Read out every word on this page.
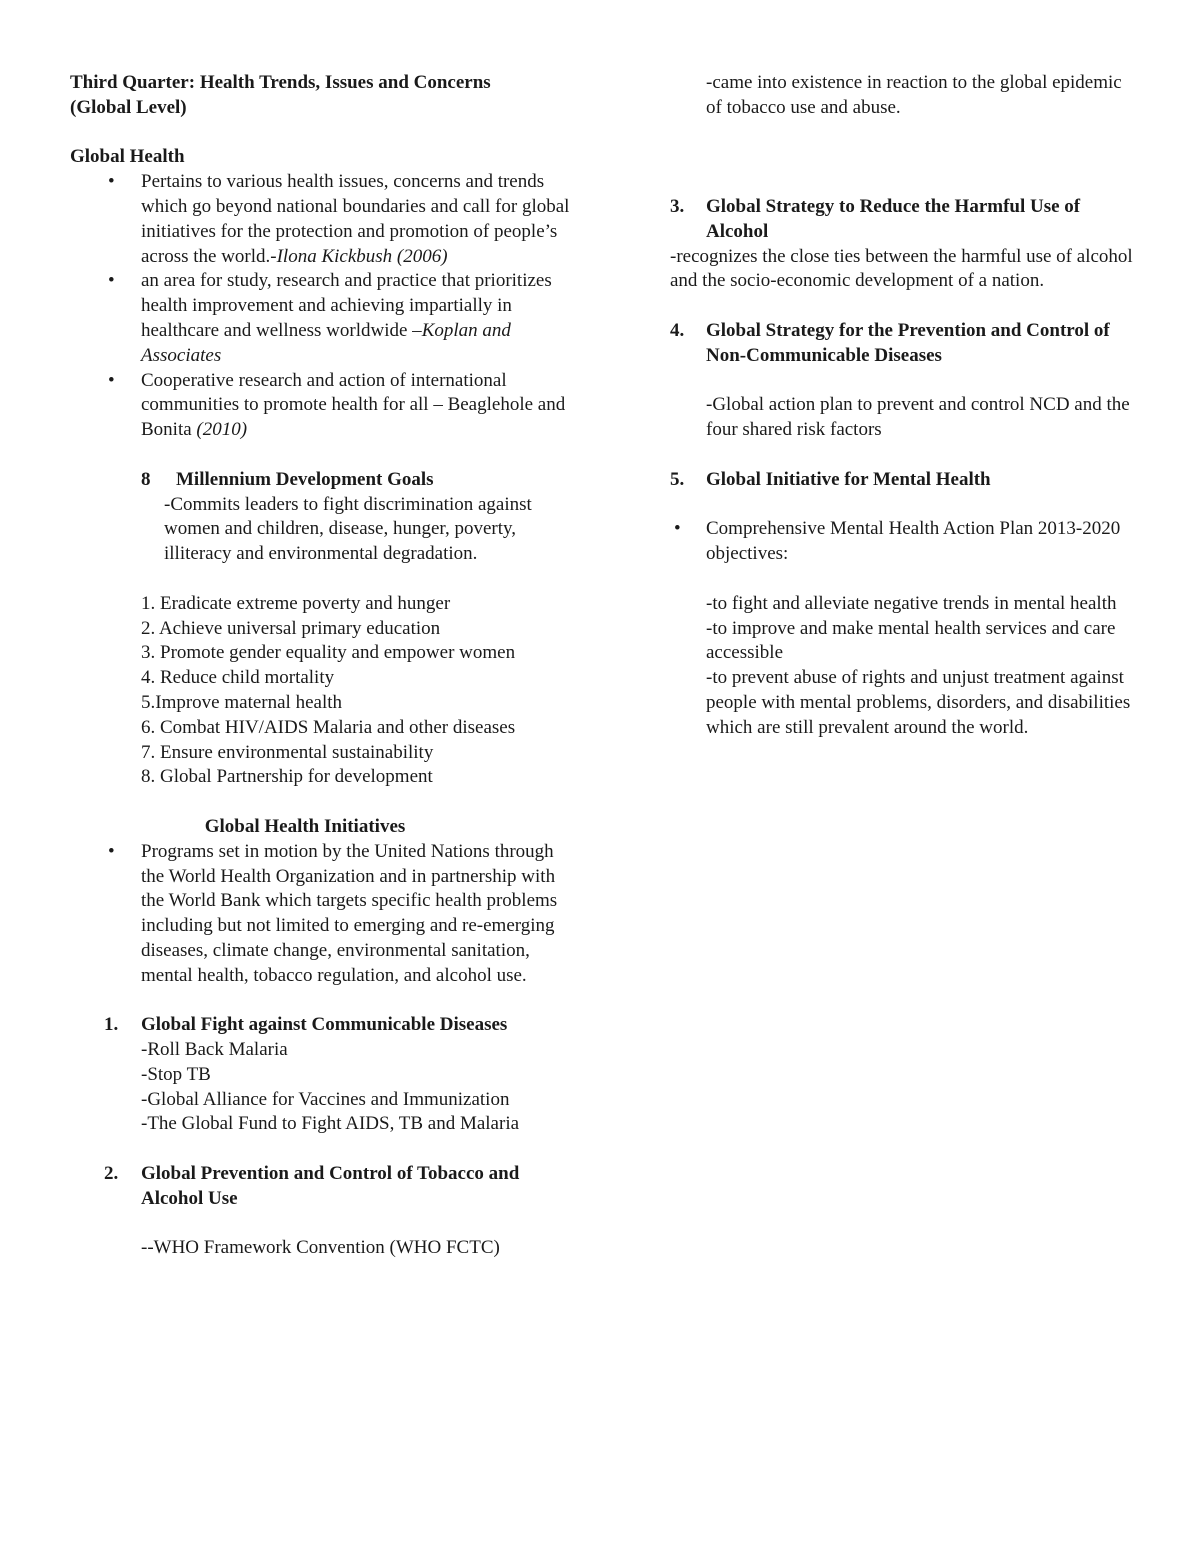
Third Quarter: Health Trends, Issues and Concerns

(Global Level)

Global Health

• Pertains to various health issues, concerns and trends which go beyond national boundaries and call for global initiatives for the protection and promotion of people’s across the world.-Ilona Kickbush (2006)
• an area for study, research and practice that prioritizes health improvement and achieving impartially in healthcare and wellness worldwide –Koplan and Associates
• Cooperative research and action of international communities to promote health for all – Beaglehole and Bonita (2010)
8 Millennium Development Goals

-Commits leaders to fight discrimination against women and children, disease, hunger, poverty, illiteracy and environmental degradation.

1. Eradicate extreme poverty and hunger

2. Achieve universal primary education

3. Promote gender equality and empower women

4. Reduce child mortality

5.Improve maternal health

6. Combat HIV/AIDS Malaria and other diseases

7. Ensure environmental sustainability

8. Global Partnership for development

Global Health Initiatives

• Programs set in motion by the United Nations through the World Health Organization and in partnership with the World Bank which targets specific health problems including but not limited to emerging and re-emerging diseases, climate change, environmental sanitation, mental health, tobacco regulation, and alcohol use.
1. Global Fight against Communicable Diseases

-Roll Back Malaria

-Stop TB

-Global Alliance for Vaccines and Immunization

-The Global Fund to Fight AIDS, TB and Malaria

2. Global Prevention and Control of Tobacco and Alcohol Use

--WHO Framework Convention (WHO FCTC)

-came into existence in reaction to the global epidemic of tobacco use and abuse.

3. Global Strategy to Reduce the Harmful Use of Alcohol

-recognizes the close ties between the harmful use of alcohol and the socio-economic development of a nation.

4. Global Strategy for the Prevention and Control of Non-Communicable Diseases

-Global action plan to prevent and control NCD and the four shared risk factors

5. Global Initiative for Mental Health
• Comprehensive Mental Health Action Plan 2013-2020 objectives:

-to fight and alleviate negative trends in mental health

-to improve and make mental health services and care accessible

-to prevent abuse of rights and unjust treatment against people with mental problems, disorders, and disabilities which are still prevalent around the world.
